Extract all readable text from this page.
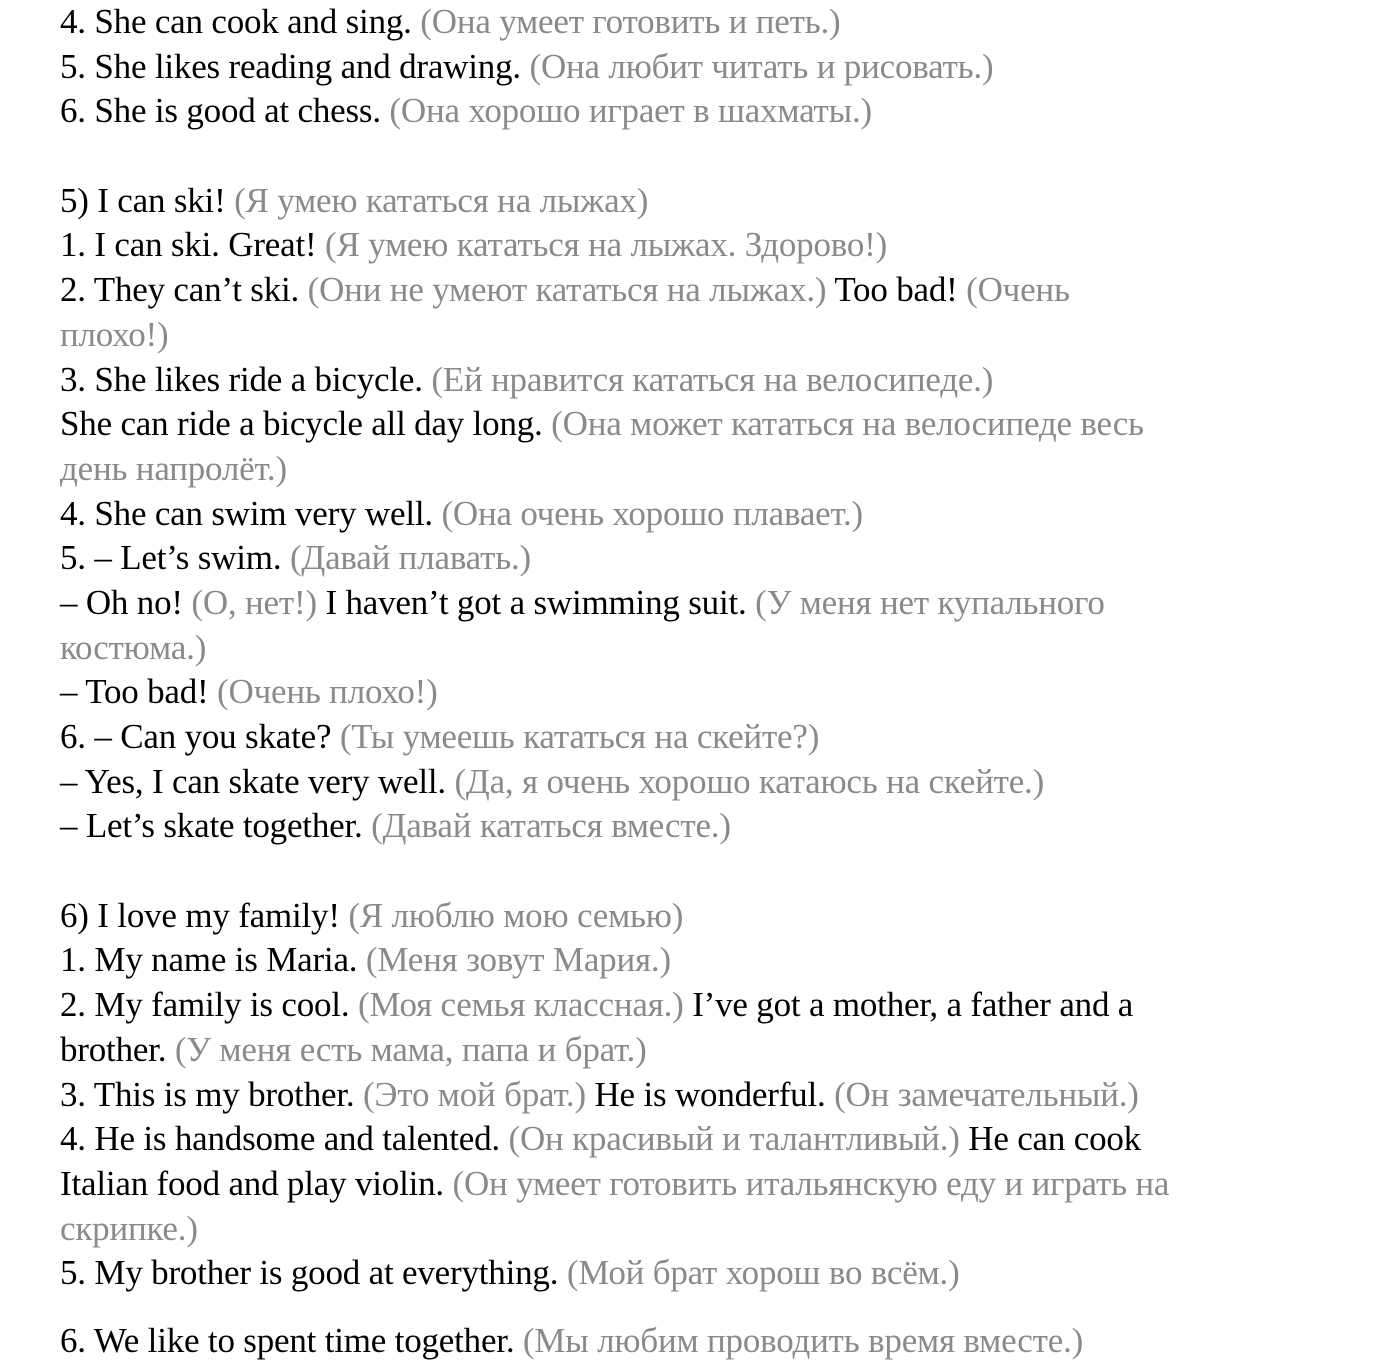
4. She can cook and sing. (Она умеет готовить и петь.)
5. She likes reading and drawing. (Она любит читать и рисовать.)
6. She is good at chess. (Она хорошо играет в шахматы.)
5) I can ski! (Я умею кататься на лыжах)
1. I can ski. Great! (Я умею кататься на лыжах. Здорово!)
2. They can’t ski. (Они не умеют кататься на лыжах.) Too bad! (Очень
плохо!)
3. She likes ride a bicycle. (Ей нравится кататься на велосипеде.)
She can ride a bicycle all day long. (Она может кататься на велосипеде весь
день напролёт.)
4. She can swim very well. (Она очень хорошо плавает.)
5. – Let’s swim. (Давай плавать.)
– Oh no! (О, нет!) I haven’t got a swimming suit. (У меня нет купального
костюма.)
– Too bad! (Очень плохо!)
6. – Can you skate? (Ты умеешь кататься на скейте?)
– Yes, I can skate very well. (Да, я очень хорошо катаюсь на скейте.)
– Let’s skate together. (Давай кататься вместе.)
6) I love my family! (Я люблю мою семью)
1. My name is Maria. (Меня зовут Мария.)
2. My family is cool. (Моя семья классная.) I’ve got a mother, a father and a
brother. (У меня есть мама, папа и брат.)
3. This is my brother. (Это мой брат.) He is wonderful. (Он замечательный.)
4. He is handsome and talented. (Он красивый и талантливый.) He can cook
Italian food and play violin. (Он умеет готовить итальянскую еду и играть на
скрипке.)
5. My brother is good at everything. (Мой брат хорош во всём.)
6. We like to spent time together. (Мы любим проводить время вместе.)
